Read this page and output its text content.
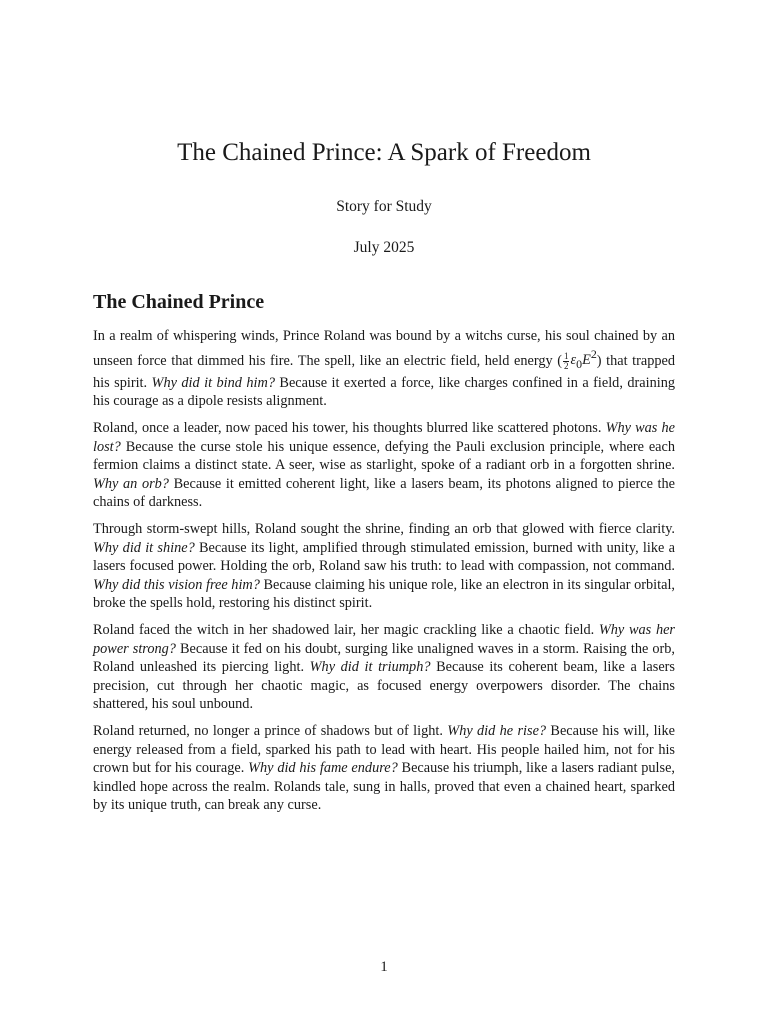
The Chained Prince: A Spark of Freedom
Story for Study
July 2025
The Chained Prince

In a realm of whispering winds, Prince Roland was bound by a witchs curse, his soul chained by an unseen force that dimmed his fire. The spell, like an electric field, held energy ( $\frac{1}{2} \varepsilon_0E^2$) that trapped his spirit. Why did it bind him? Because it exerted a force, like charges confined in a field, draining his courage as a dipole resists alignment.

Roland, once a leader, now paced his tower, his thoughts blurred like scattered photons. Why was he lost? Because the curse stole his unique essence, defying the Pauli exclusion principle, where each fermion claims a distinct state. A seer, wise as starlight, spoke of a radiant orb in a forgotten shrine. Why an orb? Because it emitted coherent light, like a lasers beam, its photons aligned to pierce the chains of darkness.

Through storm-swept hills, Roland sought the shrine, finding an orb that glowed with fierce clarity. Why did it shine? Because its light, amplified through stimulated emission, burned with unity, like a lasers focused power. Holding the orb, Roland saw his truth: to lead with compassion, not command. Why did this vision free him? Because claiming his unique role, like an electron in its singular orbital, broke the spells hold, restoring his distinct spirit.

Roland faced the witch in her shadowed lair, her magic crackling like a chaotic field. Why was her power strong? Because it fed on his doubt, surging like unaligned waves in a storm. Raising the orb, Roland unleashed its piercing light. Why did it triumph? Because its coherent beam, like a lasers precision, cut through her chaotic magic, as focused energy overpowers disorder. The chains shattered, his soul unbound.

Roland returned, no longer a prince of shadows but of light. Why did he rise? Because his will, like energy released from a field, sparked his path to lead with heart. His people hailed him, not for his crown but for his courage. Why did his fame endure? Because his triumph, like a lasers radiant pulse, kindled hope across the realm. Rolands tale, sung in halls, proved that even a chained heart, sparked by its unique truth, can break any curse.

1
